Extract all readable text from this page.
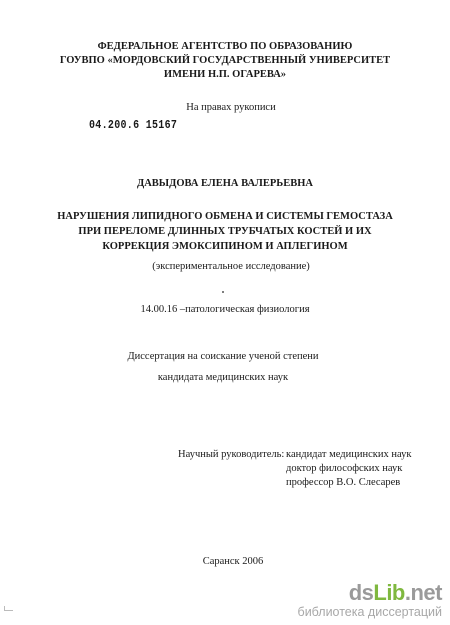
ФЕДЕРАЛЬНОЕ АГЕНТСТВО ПО ОБРАЗОВАНИЮ
ГОУВПО «МОРДОВСКИЙ ГОСУДАРСТВЕННЫЙ УНИВЕРСИТЕТ
ИМЕНИ Н.П. ОГАРЕВА»
На правах рукописи
04.200.6 15167
ДАВЫДОВА ЕЛЕНА ВАЛЕРЬЕВНА
НАРУШЕНИЯ ЛИПИДНОГО ОБМЕНА И СИСТЕМЫ ГЕМОСТАЗА
ПРИ ПЕРЕЛОМЕ ДЛИННЫХ ТРУБЧАТЫХ КОСТЕЙ И ИХ
КОРРЕКЦИЯ ЭМОКСИПИНОМ И АПЛЕГИНОМ
(экспериментальное исследование)
14.00.16 –патологическая физиология
Диссертация на соискание ученой степени
кандидата медицинских наук
Научный руководитель: кандидат медицинских наук
доктор философских наук
профессор В.О. Слесарев
Саранск 2006
dsLib.net
библиотека диссертаций
